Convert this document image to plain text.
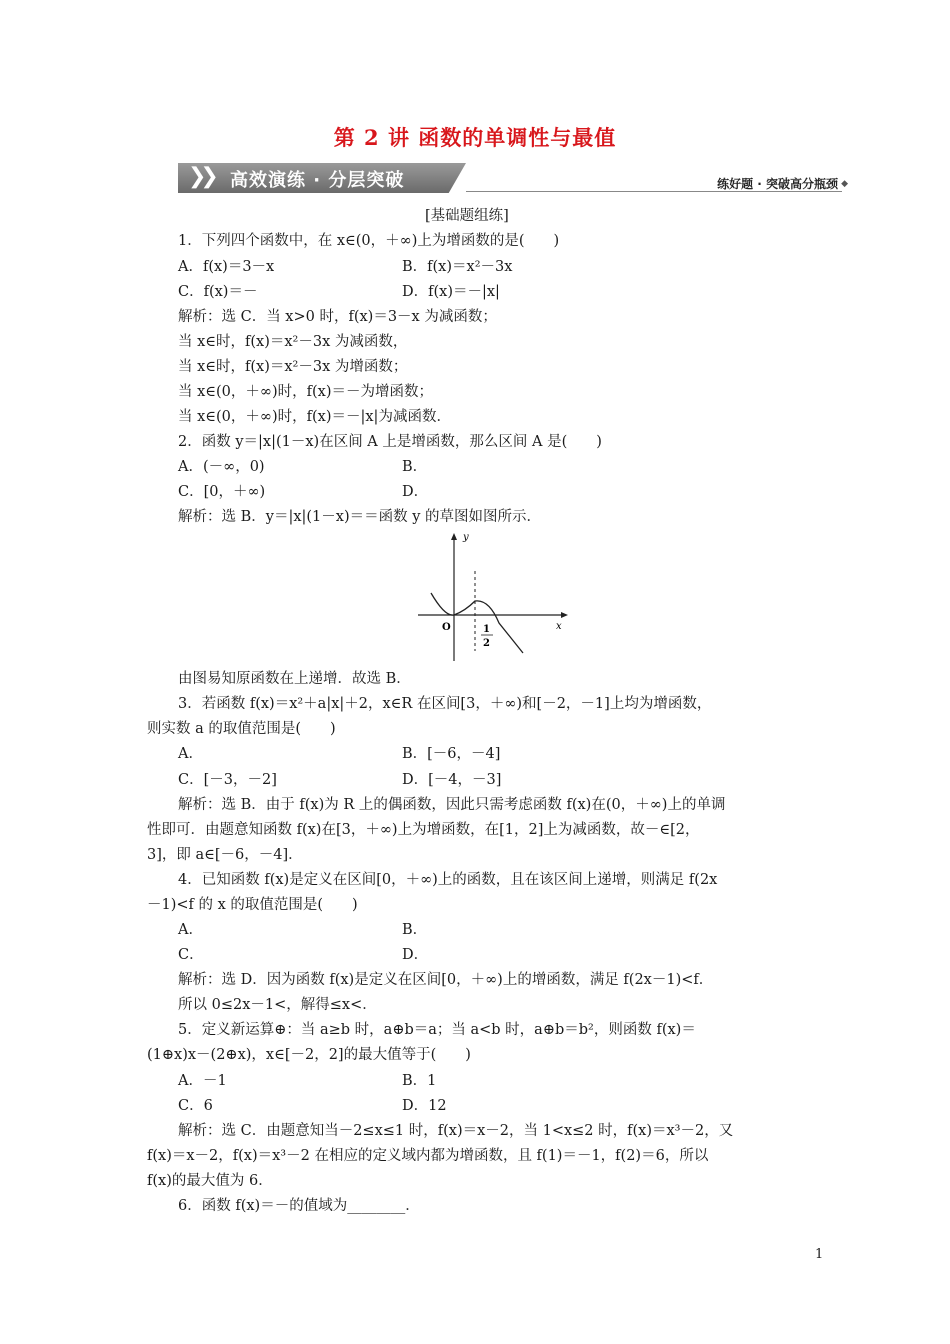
第 2 讲 函数的单调性与最值
❯❯ 高效演练 · 分层突破	练好题 · 突破高分瓶颈 ◆
[基础题组练]
1．下列四个函数中，在 x∈(0，＋∞)上为增函数的是(　　)
A．f(x)＝3－x	B．f(x)＝x²－3x
C．f(x)＝－	D．f(x)＝－|x|
解析：选 C．当 x>0 时，f(x)＝3－x 为减函数；
当 x∈时，f(x)＝x²－3x 为减函数，
当 x∈时，f(x)＝x²－3x 为增函数；
当 x∈(0，＋∞)时，f(x)＝－为增函数；
当 x∈(0，＋∞)时，f(x)＝－|x|为减函数．
2．函数 y＝|x|(1－x)在区间 A 上是增函数，那么区间 A 是(　　)
A．(－∞，0)	B．
C．[0，＋∞)	D．
解析：选 B．y＝|x|(1－x)＝＝函数 y 的草图如图所示．
y
x
O	1
2
由图易知原函数在上递增．故选 B．
3．若函数 f(x)＝x²＋a|x|＋2，x∈R 在区间[3，＋∞)和[－2，－1]上均为增函数，
则实数 a 的取值范围是(　　)
A．	B．[－6，－4]
C．[－3，－2]	D．[－4，－3]
解析：选 B．由于 f(x)为 R 上的偶函数，因此只需考虑函数 f(x)在(0，＋∞)上的单调
性即可．由题意知函数 f(x)在[3，＋∞)上为增函数，在[1，2]上为减函数，故－∈[2，
3]，即 a∈[－6，－4]．
4．已知函数 f(x)是定义在区间[0，＋∞)上的函数，且在该区间上递增，则满足 f(2x
－1)<f 的 x 的取值范围是(　　)
A．	B．
C．	D．
解析：选 D．因为函数 f(x)是定义在区间[0，＋∞)上的增函数，满足 f(2x－1)<f．
所以 0≤2x－1<，解得≤x<．
5．定义新运算⊕：当 a≥b 时，a⊕b＝a；当 a<b 时，a⊕b＝b²，则函数 f(x)＝
(1⊕x)x－(2⊕x)，x∈[－2，2]的最大值等于(　　)
A．－1	B．1
C．6	D．12
解析：选 C．由题意知当－2≤x≤1 时，f(x)＝x－2，当 1<x≤2 时，f(x)＝x³－2，又
f(x)＝x－2，f(x)＝x³－2 在相应的定义域内都为增函数，且 f(1)＝－1，f(2)＝6，所以
f(x)的最大值为 6．
6．函数 f(x)＝－的值域为________．
1
